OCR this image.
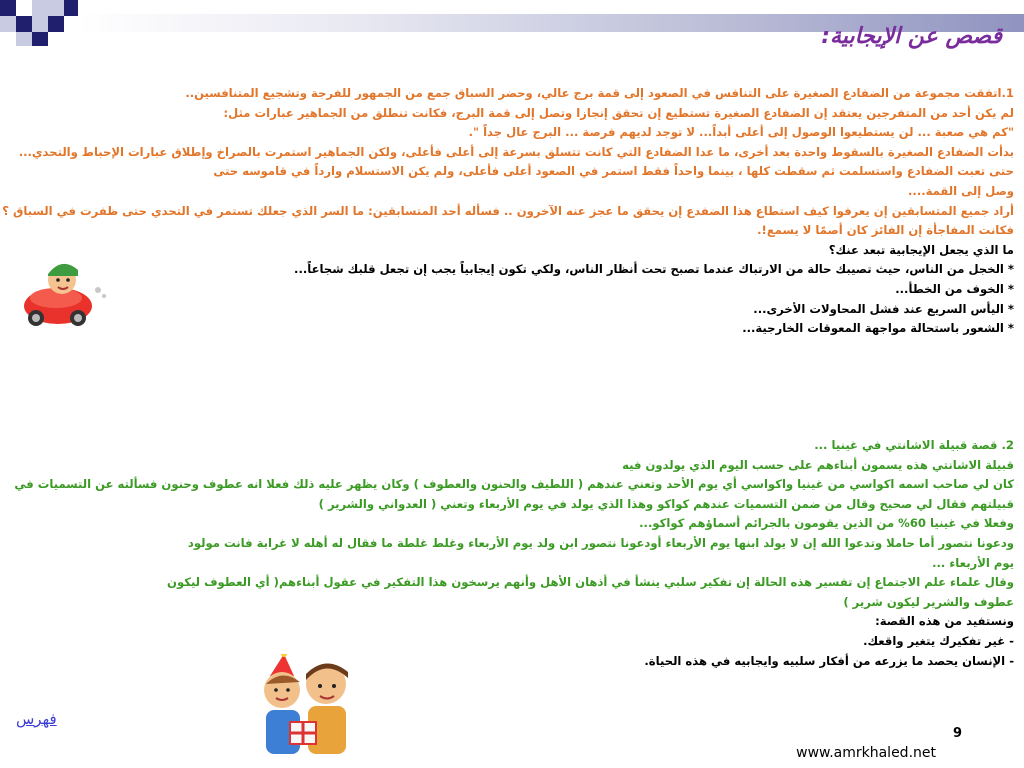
قصص عن الإيجابية:

1.اتفقت مجموعة من الضفادع الصغيرة على التنافس في الصعود إلى قمة برج عالي، وحضر السباق جمع من الجمهور للفرجة وتشجيع المتنافسين..

لم يكن أحد من المتفرجين يعتقد إن الضفادع الصغيرة تستطيع إن تحقق إنجازا وتصل إلى قمة البرج، فكانت تنطلق من الجماهير عبارات مثل:

"كم هي صعبة ... لن يستطيعوا الوصول إلى أعلى أبداً... لا توجد لديهم فرصة ... البرج عال جداً ".

بدأت الضفادع الصغيرة بالسقوط واحدة بعد أخرى، ما عدا الضفادع التي كانت تتسلق بسرعة إلى أعلى فأعلى، ولكن الجماهير استمرت بالصراخ وإطلاق عبارات الإحباط والتحدي...

حتى تعبت الضفادع واستسلمت ثم سقطت كلها ، بينما واحداً فقط استمر في الصعود أعلى فأعلى، ولم يكن الاستسلام وارداً في قاموسه حتى

وصل إلى القمة....

أراد جميع المتسابقين إن يعرفوا كيف استطاع هذا الضفدع إن يحقق ما عجز عنه الآخرون .. فسأله أحد المتسابقين: ما السر الذي جعلك تستمر في التحدي حتى ظفرت في السباق ؟

فكانت المفاجأة إن الفائز كان أصمًا لا يسمع!.

ما الذي يجعل الإيجابية تبعد عنك؟

* الخجل من الناس، حيث تصيبك حالة من الارتباك عندما تصبح تحت أنظار الناس، ولكي تكون إيجابياً يجب إن تجعل قلبك شجاعاً...

* الخوف من الخطأ...

* اليأس السريع عند فشل المحاولات الأخرى...

* الشعور باستحالة مواجهة المعوقات الخارجية...

2. قصة قبيلة الاشانتي في غينيا ...

قبيلة الاشانتي هذه يسمون أبناءهم على حسب اليوم الذي يولدون فيه

كان لي صاحب اسمه اكواسي من غينيا واكواسي أي يوم الأحد وتعني عندهم ( اللطيف والحنون والعطوف ) وكان يظهر عليه ذلك فعلا انه عطوف وحنون فسألته عن التسميات في

قبيلتهم فقال لي صحيح وقال من ضمن التسميات عندهم كواكو وهذا الذي يولد في يوم الأربعاء وتعني ( العدواني والشرير )

وفعلا في غينيا 60% من الذين يقومون بالجرائم أسماؤهم كواكو...

ودعونا نتصور أما حاملا وتدعوا الله إن لا يولد ابنها يوم الأربعاء أودعونا نتصور ابن ولد يوم الأربعاء وغلط غلطة ما فقال له أهله لا غرابة فانت مولود

يوم الأربعاء ...

وقال علماء علم الاجتماع إن تفسير هذه الحالة إن تفكير سلبي ينشأ في أذهان الأهل وأنهم يرسخون هذا التفكير في عقول أبناءهم( أي العطوف ليكون

عطوف والشرير ليكون شرير )

ونستفيد من هذه القصة:

- غير تفكيرك يتغير واقعك.

- الإنسان يحصد ما يزرعه من أفكار سلبيه وايجابيه في هذه الحياة.

فهرس
9
www.amrkhaled.net
